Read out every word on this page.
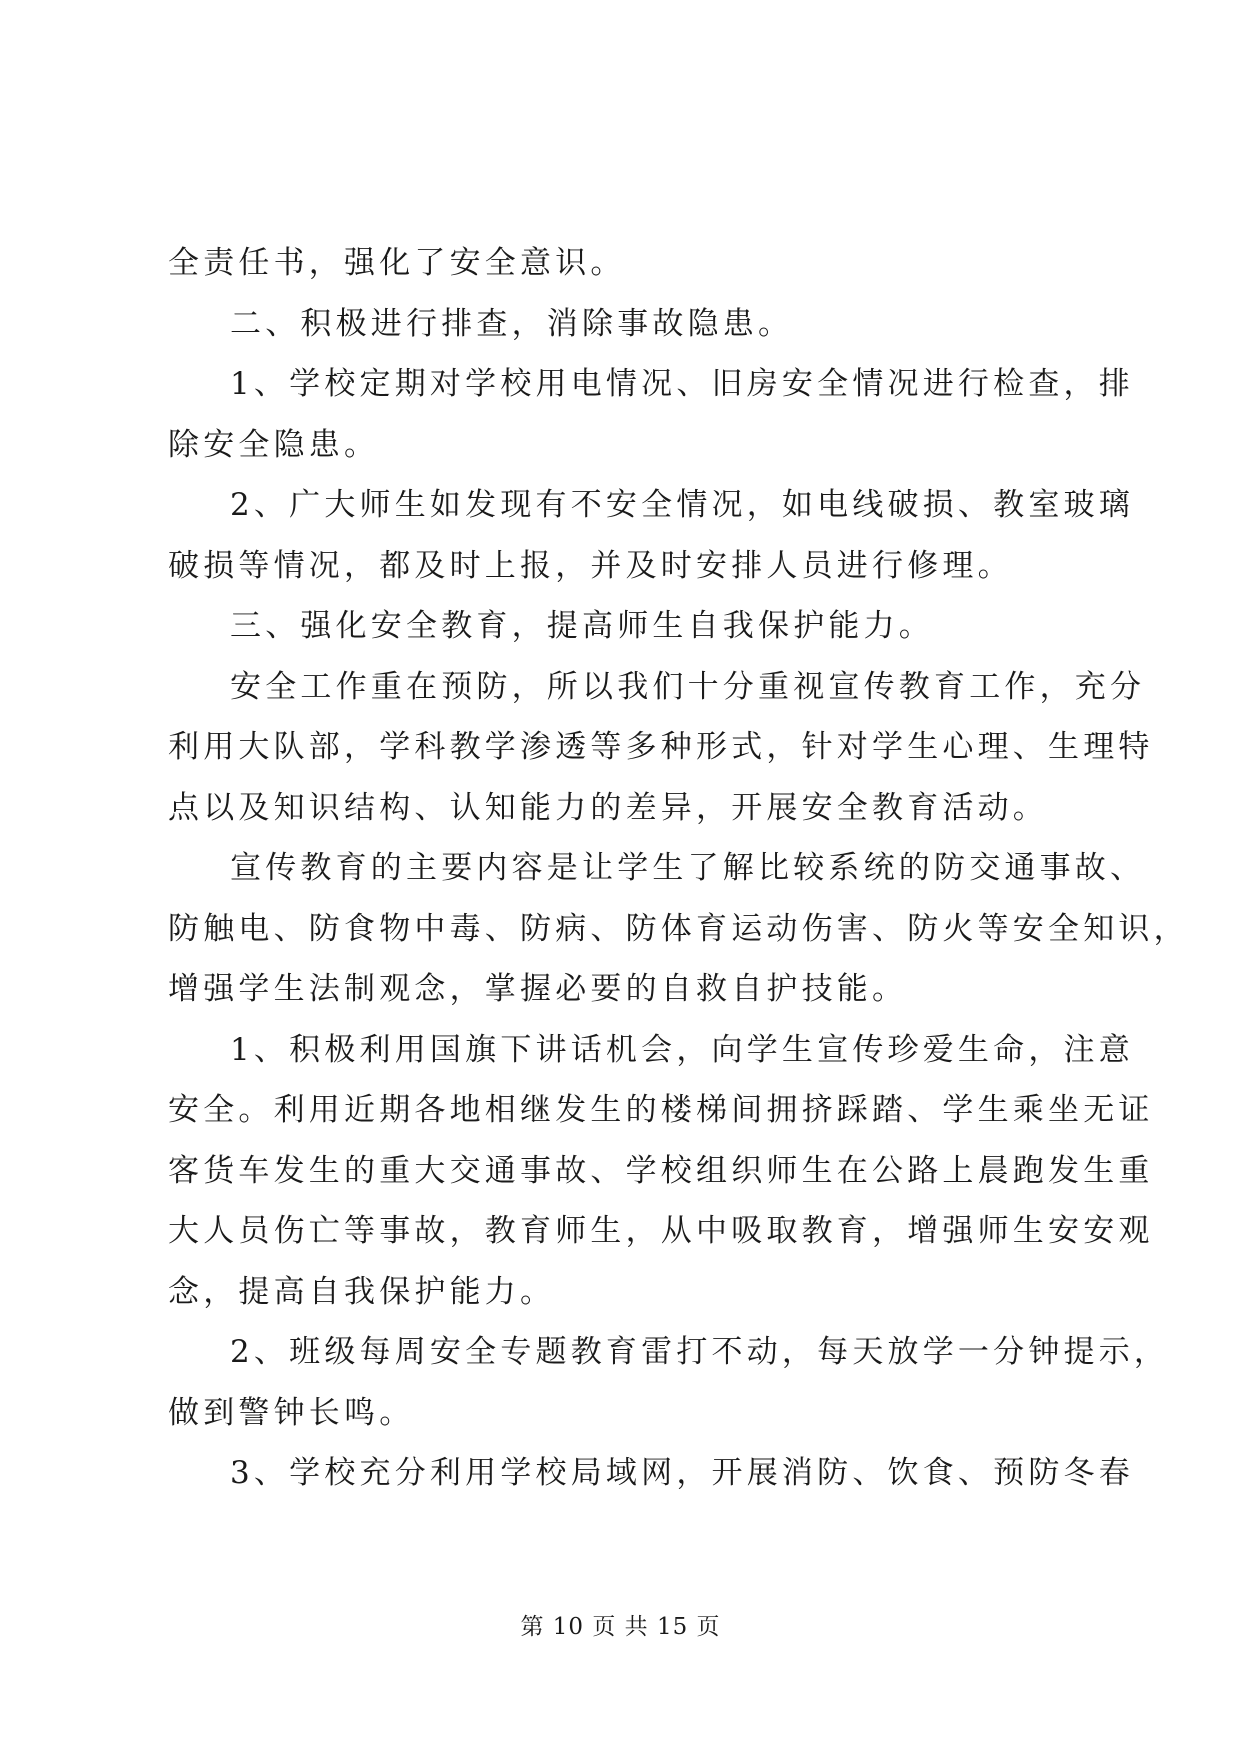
全责任书，强化了安全意识。

二、积极进行排查，消除事故隐患。

1、学校定期对学校用电情况、旧房安全情况进行检查，排

除安全隐患。

2、广大师生如发现有不安全情况，如电线破损、教室玻璃

破损等情况，都及时上报，并及时安排人员进行修理。

三、强化安全教育，提高师生自我保护能力。

安全工作重在预防，所以我们十分重视宣传教育工作，充分

利用大队部，学科教学渗透等多种形式，针对学生心理、生理特

点以及知识结构、认知能力的差异，开展安全教育活动。

宣传教育的主要内容是让学生了解比较系统的防交通事故、

防触电、防食物中毒、防病、防体育运动伤害、防火等安全知识，

增强学生法制观念，掌握必要的自救自护技能。

1、积极利用国旗下讲话机会，向学生宣传珍爱生命，注意

安全。利用近期各地相继发生的楼梯间拥挤踩踏、学生乘坐无证

客货车发生的重大交通事故、学校组织师生在公路上晨跑发生重

大人员伤亡等事故，教育师生，从中吸取教育，增强师生安安观

念，提高自我保护能力。

2、班级每周安全专题教育雷打不动，每天放学一分钟提示，

做到警钟长鸣。

3、学校充分利用学校局域网，开展消防、饮食、预防冬春

第 10 页 共 15 页
